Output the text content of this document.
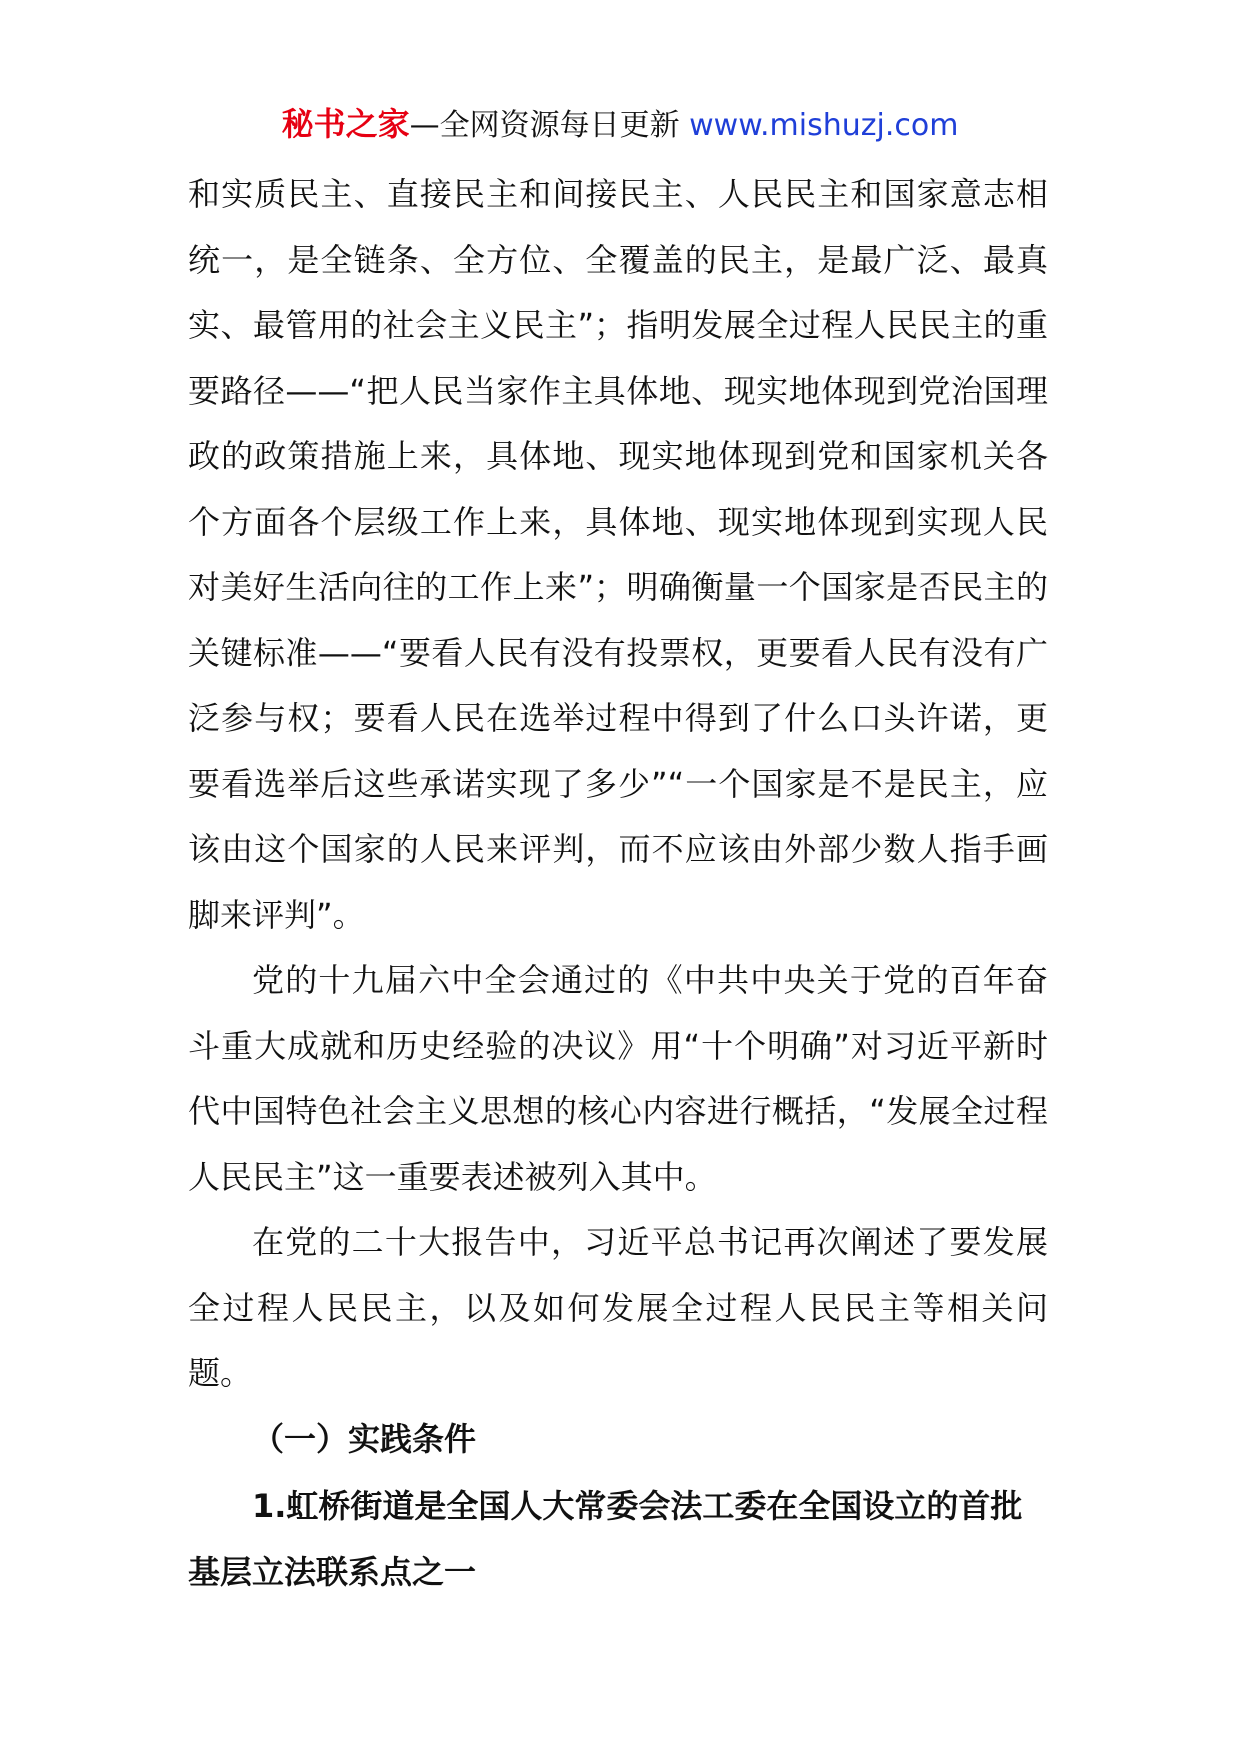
秘书之家—全网资源每日更新 www.mishuzj.com

和实质民主、直接民主和间接民主、人民民主和国家意志相统一，是全链条、全方位、全覆盖的民主，是最广泛、最真实、最管用的社会主义民主”；指明发展全过程人民民主的重要路径——“把人民当家作主具体地、现实地体现到党治国理政的政策措施上来，具体地、现实地体现到党和国家机关各个方面各个层级工作上来，具体地、现实地体现到实现人民对美好生活向往的工作上来”；明确衡量一个国家是否民主的关键标准——“要看人民有没有投票权，更要看人民有没有广泛参与权；要看人民在选举过程中得到了什么口头许诺，更要看选举后这些承诺实现了多少”“一个国家是不是民主，应该由这个国家的人民来评判，而不应该由外部少数人指手画脚来评判”。

党的十九届六中全会通过的《中共中央关于党的百年奋斗重大成就和历史经验的决议》用“十个明确”对习近平新时代中国特色社会主义思想的核心内容进行概括，“发展全过程人民民主”这一重要表述被列入其中。

在党的二十大报告中，习近平总书记再次阐述了要发展全过程人民民主，以及如何发展全过程人民民主等相关问题。

（一）实践条件

1.虹桥街道是全国人大常委会法工委在全国设立的首批基层立法联系点之一
